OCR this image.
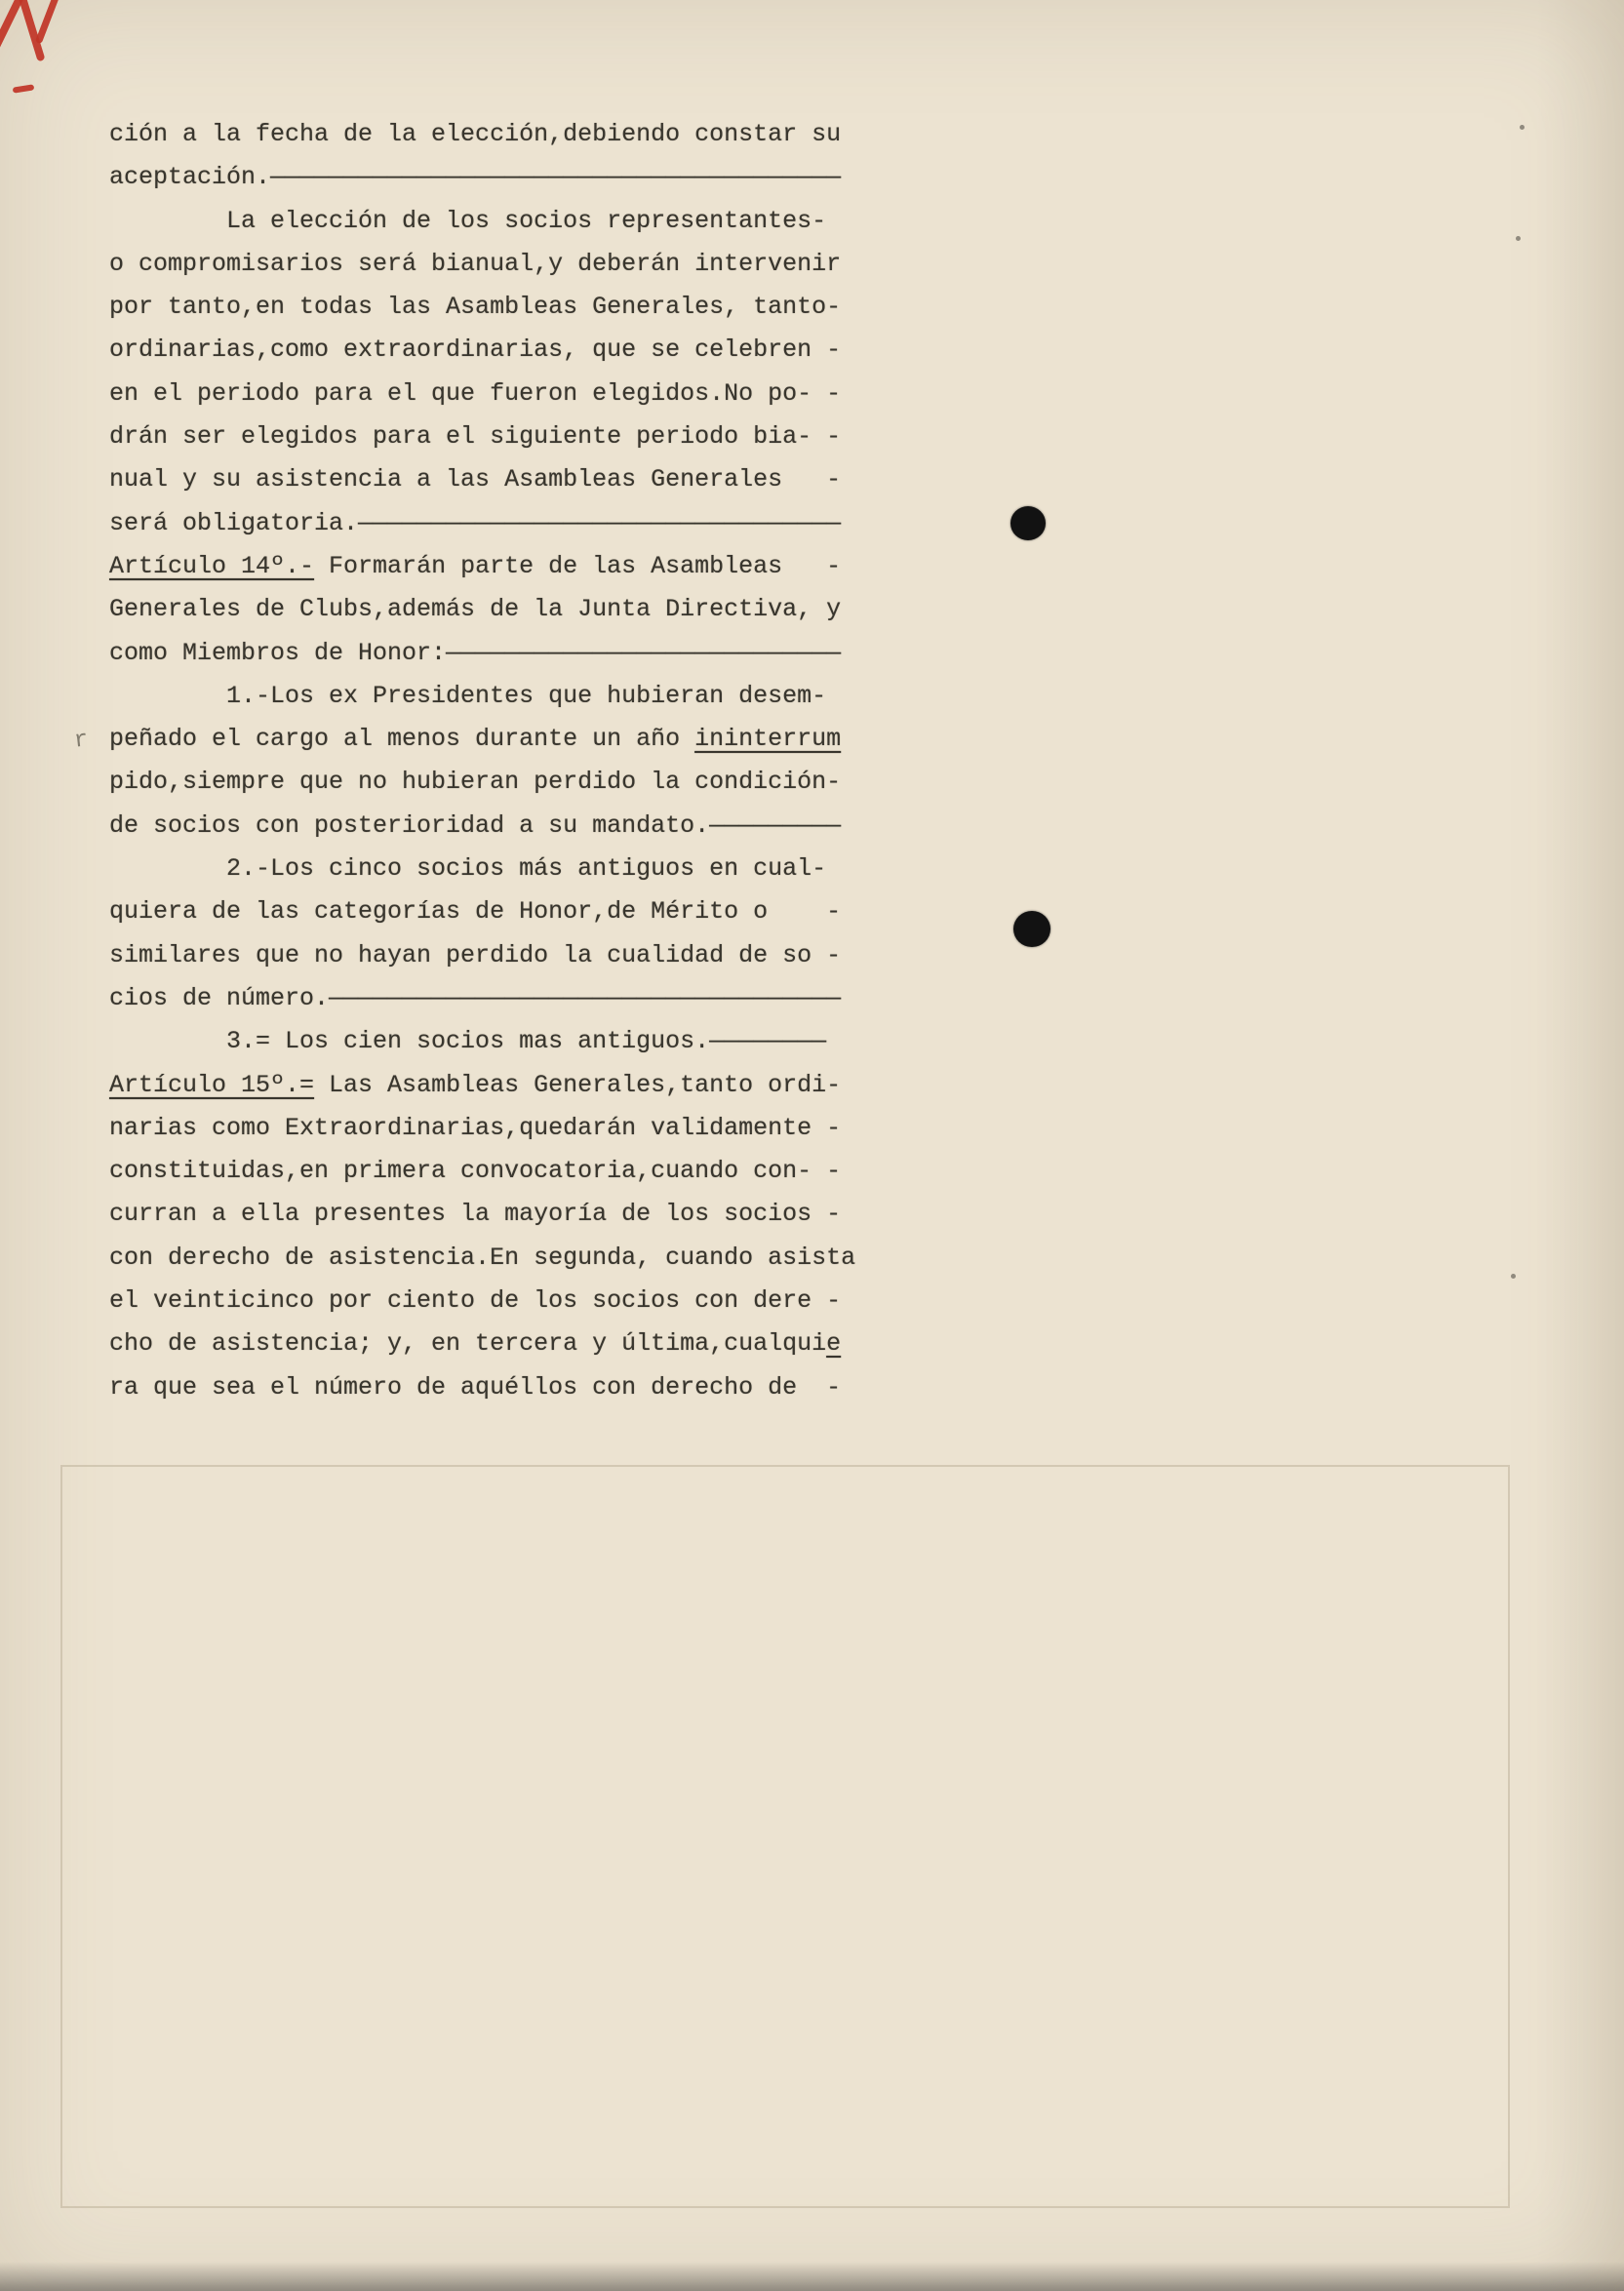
r
ción a la fecha de la elección,debiendo constar su
aceptación.———————————————————————————————————————
La elección de los socios representantes-
o compromisarios será bianual,y deberán intervenir
por tanto,en todas las Asambleas Generales, tanto-
ordinarias,como extraordinarias, que se celebren -
en el periodo para el que fueron elegidos.No po- -
drán ser elegidos para el siguiente periodo bia- -
nual y su asistencia a las Asambleas Generales   -
será obligatoria.—————————————————————————————————
Artículo 14º.- Formarán parte de las Asambleas   -
Generales de Clubs,además de la Junta Directiva, y
como Miembros de Honor:———————————————————————————
1.-Los ex Presidentes que hubieran desem-
peñado el cargo al menos durante un año ininterrum
pido,siempre que no hubieran perdido la condición-
de socios con posterioridad a su mandato.—————————
2.-Los cinco socios más antiguos en cual-
quiera de las categorías de Honor,de Mérito o    -
similares que no hayan perdido la cualidad de so -
cios de número.———————————————————————————————————
3.= Los cien socios mas antiguos.————————
Artículo 15º.= Las Asambleas Generales,tanto ordi-
narias como Extraordinarias,quedarán validamente -
constituidas,en primera convocatoria,cuando con- -
curran a ella presentes la mayoría de los socios -
con derecho de asistencia.En segunda, cuando asista
el veinticinco por ciento de los socios con dere -
cho de asistencia; y, en tercera y última,cualquie
ra que sea el número de aquéllos con derecho de  -
